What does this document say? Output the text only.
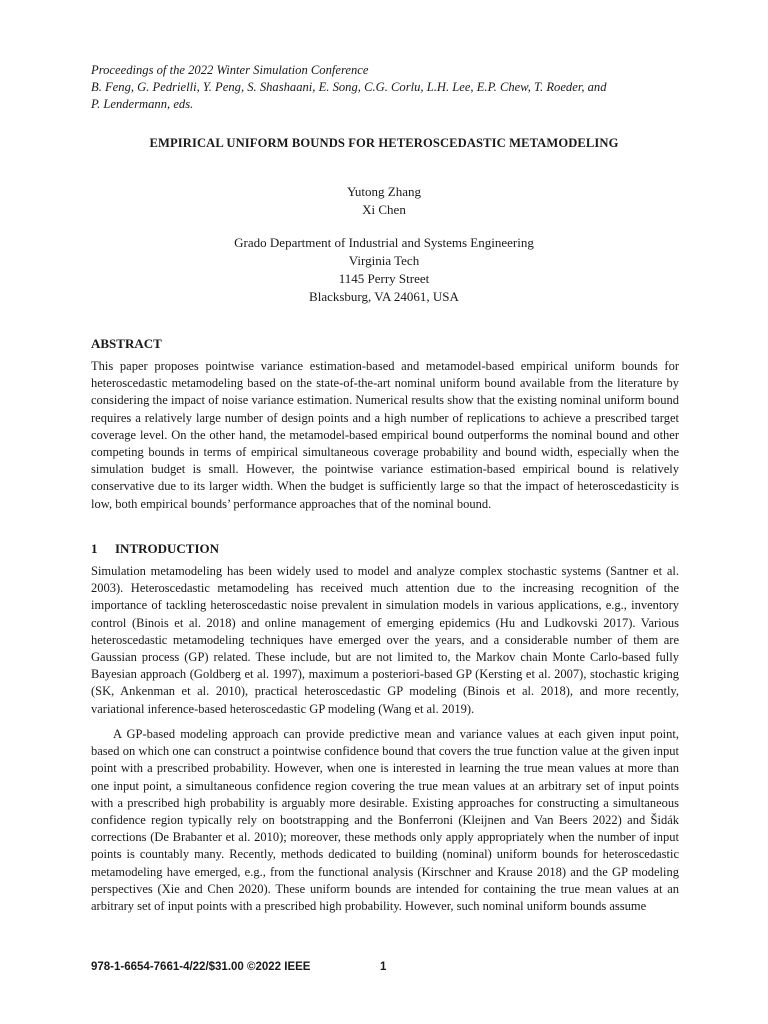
Proceedings of the 2022 Winter Simulation Conference
B. Feng, G. Pedrielli, Y. Peng, S. Shashaani, E. Song, C.G. Corlu, L.H. Lee, E.P. Chew, T. Roeder, and
P. Lendermann, eds.
EMPIRICAL UNIFORM BOUNDS FOR HETEROSCEDASTIC METAMODELING
Yutong Zhang
Xi Chen
Grado Department of Industrial and Systems Engineering
Virginia Tech
1145 Perry Street
Blacksburg, VA 24061, USA
ABSTRACT
This paper proposes pointwise variance estimation-based and metamodel-based empirical uniform bounds for heteroscedastic metamodeling based on the state-of-the-art nominal uniform bound available from the literature by considering the impact of noise variance estimation. Numerical results show that the existing nominal uniform bound requires a relatively large number of design points and a high number of replications to achieve a prescribed target coverage level. On the other hand, the metamodel-based empirical bound outperforms the nominal bound and other competing bounds in terms of empirical simultaneous coverage probability and bound width, especially when the simulation budget is small. However, the pointwise variance estimation-based empirical bound is relatively conservative due to its larger width. When the budget is sufficiently large so that the impact of heteroscedasticity is low, both empirical bounds’ performance approaches that of the nominal bound.
1 INTRODUCTION
Simulation metamodeling has been widely used to model and analyze complex stochastic systems (Santner et al. 2003). Heteroscedastic metamodeling has received much attention due to the increasing recognition of the importance of tackling heteroscedastic noise prevalent in simulation models in various applications, e.g., inventory control (Binois et al. 2018) and online management of emerging epidemics (Hu and Ludkovski 2017). Various heteroscedastic metamodeling techniques have emerged over the years, and a considerable number of them are Gaussian process (GP) related. These include, but are not limited to, the Markov chain Monte Carlo-based fully Bayesian approach (Goldberg et al. 1997), maximum a posteriori-based GP (Kersting et al. 2007), stochastic kriging (SK, Ankenman et al. 2010), practical heteroscedastic GP modeling (Binois et al. 2018), and more recently, variational inference-based heteroscedastic GP modeling (Wang et al. 2019).
A GP-based modeling approach can provide predictive mean and variance values at each given input point, based on which one can construct a pointwise confidence bound that covers the true function value at the given input point with a prescribed probability. However, when one is interested in learning the true mean values at more than one input point, a simultaneous confidence region covering the true mean values at an arbitrary set of input points with a prescribed high probability is arguably more desirable. Existing approaches for constructing a simultaneous confidence region typically rely on bootstrapping and the Bonferroni (Kleijnen and Van Beers 2022) and Šidák corrections (De Brabanter et al. 2010); moreover, these methods only apply appropriately when the number of input points is countably many. Recently, methods dedicated to building (nominal) uniform bounds for heteroscedastic metamodeling have emerged, e.g., from the functional analysis (Kirschner and Krause 2018) and the GP modeling perspectives (Xie and Chen 2020). These uniform bounds are intended for containing the true mean values at an arbitrary set of input points with a prescribed high probability. However, such nominal uniform bounds assume
978-1-6654-7661-4/22/$31.00 ©2022 IEEE	1
